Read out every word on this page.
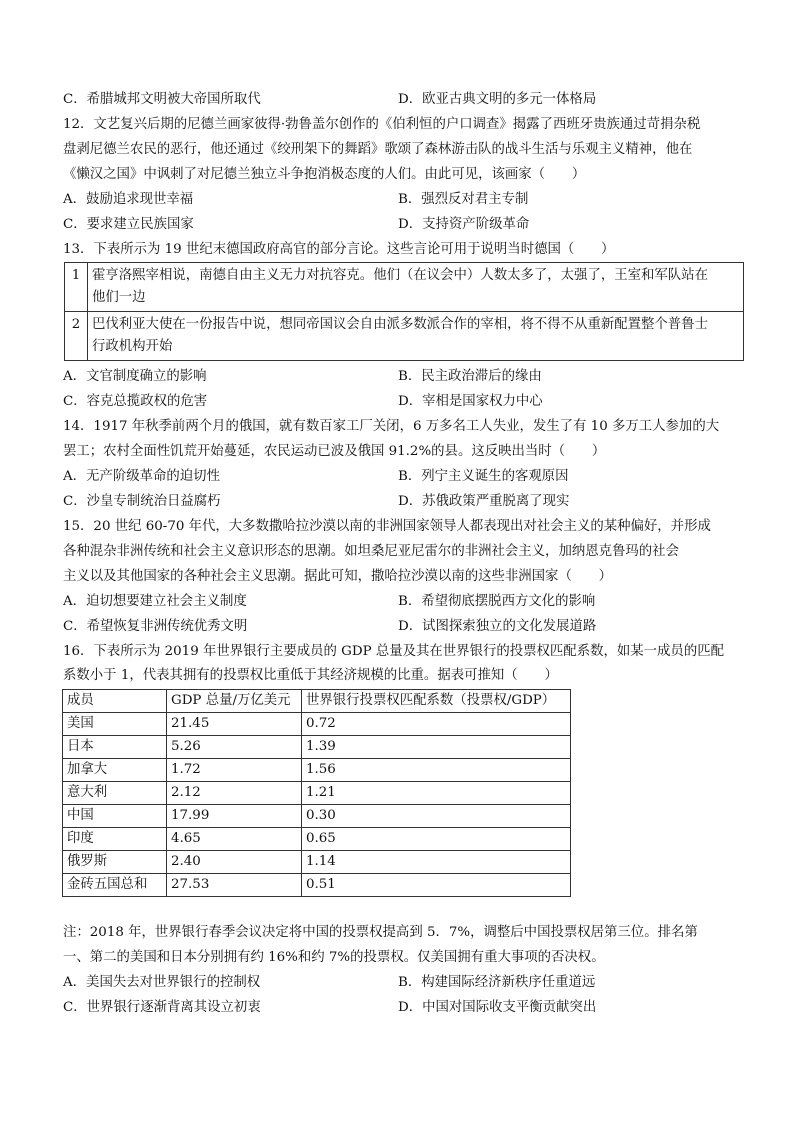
C．希腊城邦文明被大帝国所取代	D．欧亚古典文明的多元一体格局
12．文艺复兴后期的尼德兰画家彼得·勃鲁盖尔创作的《伯利恒的户口调查》揭露了西班牙贵族通过苛捐杂税
盘剥尼德兰农民的恶行，他还通过《绞刑架下的舞蹈》歌颂了森林游击队的战斗生活与乐观主义精神，他在
《懒汉之国》中讽刺了对尼德兰独立斗争抱消极态度的人们。由此可见，该画家（　　）
A．鼓励追求现世幸福	B．强烈反对君主专制
C．要求建立民族国家	D．支持资产阶级革命
13．下表所示为 19 世纪末德国政府高官的部分言论。这些言论可用于说明当时德国（　　）
1	霍亨洛熙宰相说，南德自由主义无力对抗容克。他们（在议会中）人数太多了，太强了，王室和军队站在
他们一边

2	巴伐利亚大使在一份报告中说，想同帝国议会自由派多数派合作的宰相，将不得不从重新配置整个普鲁士
行政机构开始
A．文官制度确立的影响	B．民主政治滞后的缘由
C．容克总揽政权的危害	D．宰相是国家权力中心
14．1917 年秋季前两个月的俄国，就有数百家工厂关闭，6 万多名工人失业，发生了有 10 多万工人参加的大
罢工；农村全面性饥荒开始蔓延，农民运动已波及俄国 91.2%的县。这反映出当时（　　）
A．无产阶级革命的迫切性	B．列宁主义诞生的客观原因
C．沙皇专制统治日益腐朽	D．苏俄政策严重脱离了现实
15．20 世纪 60-70 年代，大多数撒哈拉沙漠以南的非洲国家领导人都表现出对社会主义的某种偏好，并形成
各种混杂非洲传统和社会主义意识形态的思潮。如坦桑尼亚尼雷尔的非洲社会主义，加纳恩克鲁玛的社会
主义以及其他国家的各种社会主义思潮。据此可知，撒哈拉沙漠以南的这些非洲国家（　　）
A．迫切想要建立社会主义制度	B．希望彻底摆脱西方文化的影响
C．希望恢复非洲传统优秀文明	D．试图探索独立的文化发展道路
16．下表所示为 2019 年世界银行主要成员的 GDP 总量及其在世界银行的投票权匹配系数，如某一成员的匹配
系数小于 1，代表其拥有的投票权比重低于其经济规模的比重。据表可推知（　　）
成员	GDP 总量/万亿美元	世界银行投票权匹配系数（投票权/GDP）
美国	21.45	0.72
日本	5.26	1.39
加拿大	1.72	1.56
意大利	2.12	1.21
中国	17.99	0.30
印度	4.65	0.65
俄罗斯	2.40	1.14
金砖五国总和	27.53	0.51
注：2018 年，世界银行春季会议决定将中国的投票权提高到 5．7%，调整后中国投票权居第三位。排名第
一、第二的美国和日本分别拥有约 16%和约 7%的投票权。仅美国拥有重大事项的否决权。
A．美国失去对世界银行的控制权	B．构建国际经济新秩序任重道远
C．世界银行逐渐背离其设立初衷	D．中国对国际收支平衡贡献突出
